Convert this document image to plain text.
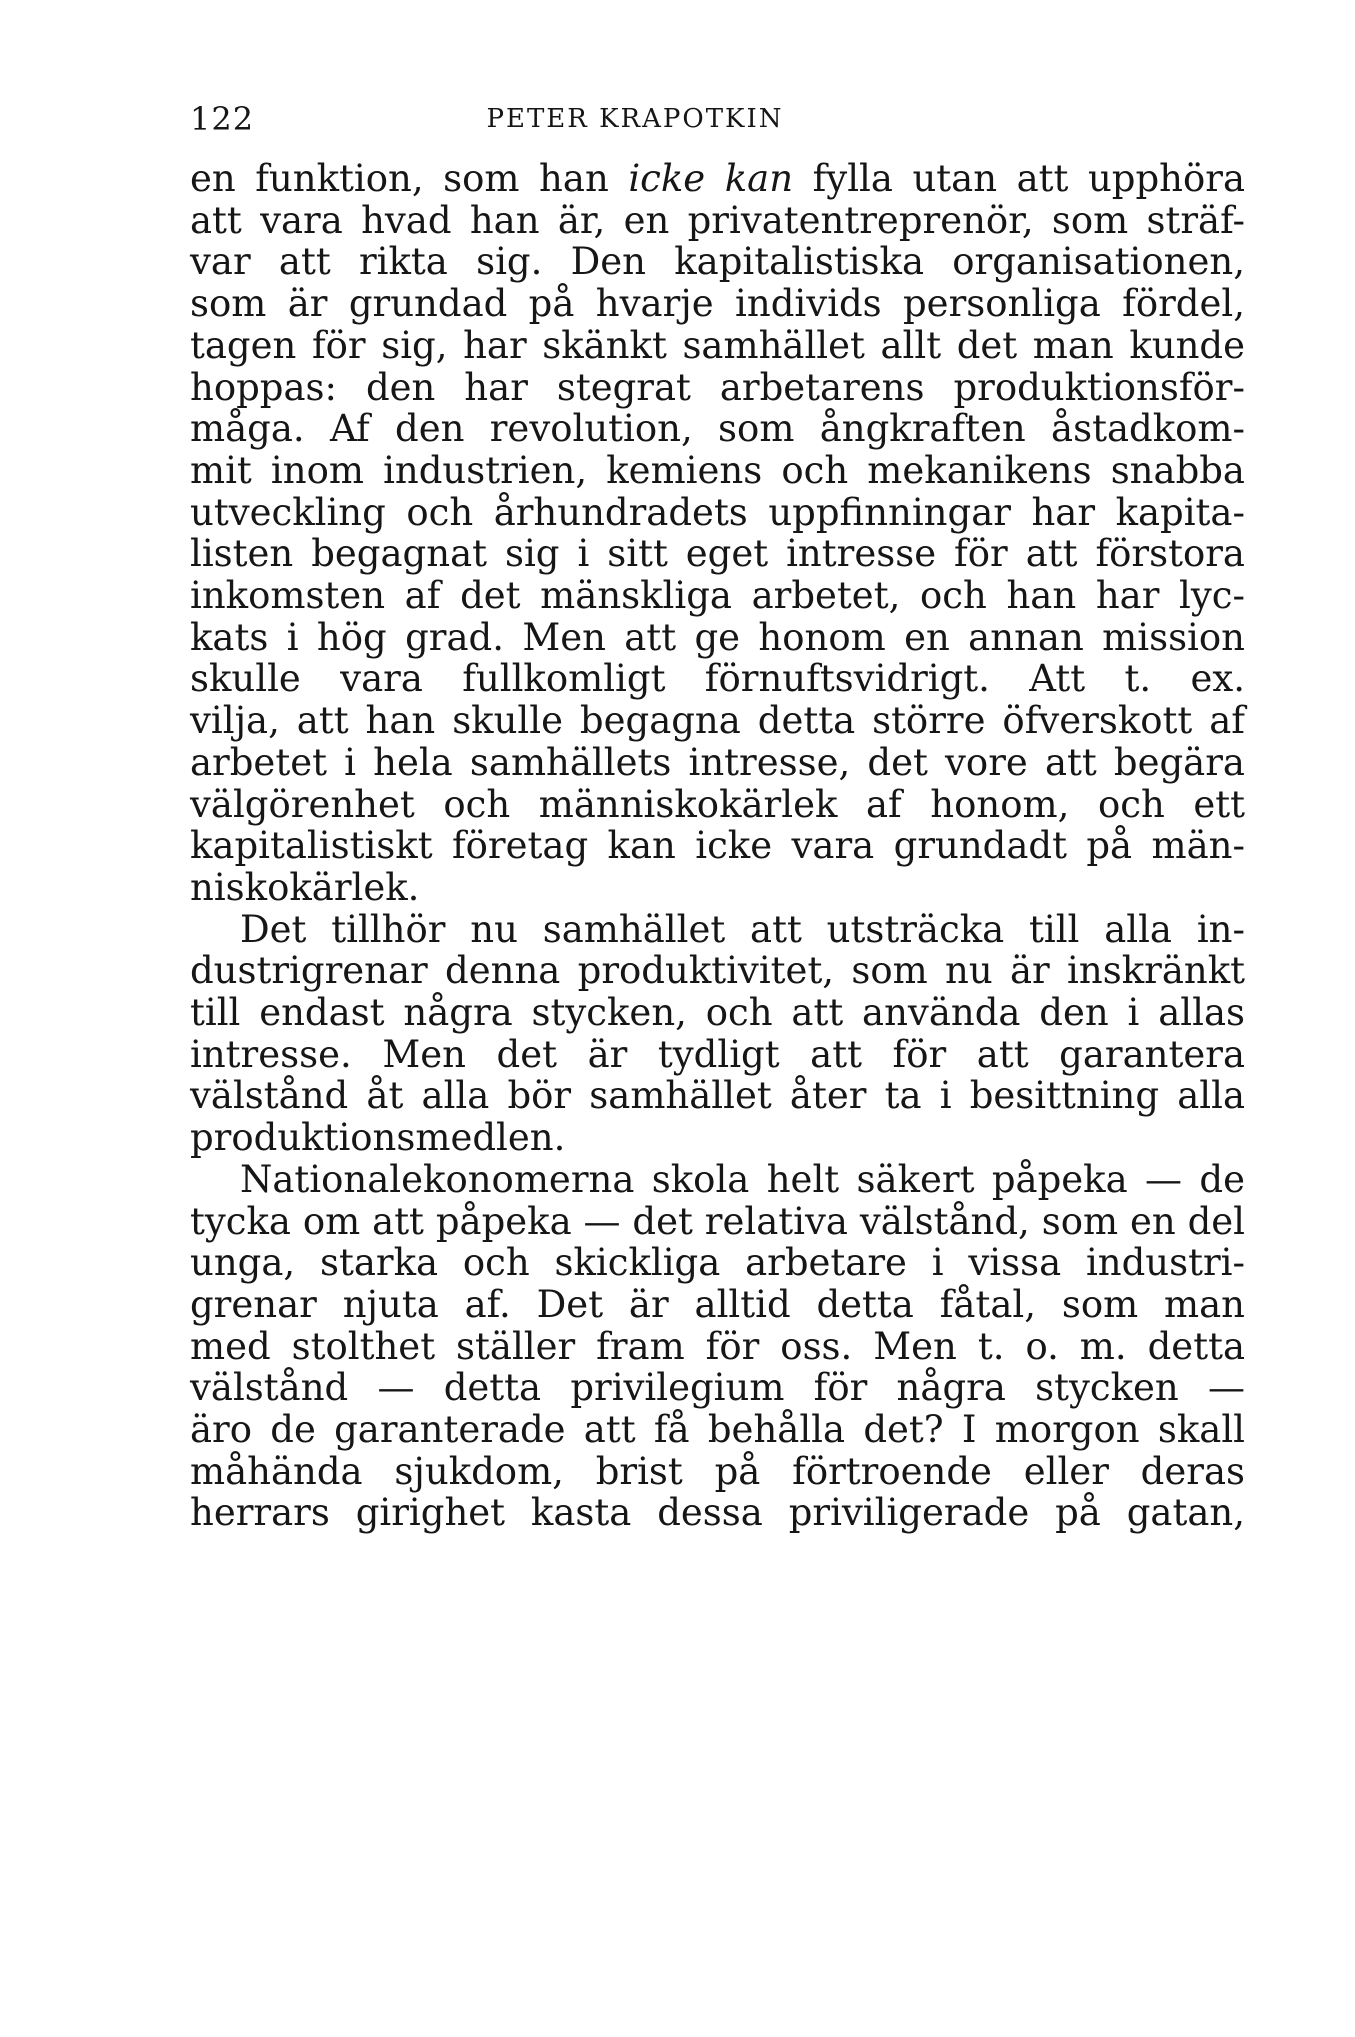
122	PETER KRAPOTKIN
en funktion, som han icke kan fylla utan att upphöra
att vara hvad han är, en privatentreprenör, som sträf-
var att rikta sig. Den kapitalistiska organisationen,
som är grundad på hvarje individs personliga fördel,
tagen för sig, har skänkt samhället allt det man kunde
hoppas: den har stegrat arbetarens produktionsför-
måga. Af den revolution, som ångkraften åstadkom-
mit inom industrien, kemiens och mekanikens snabba
utveckling och århundradets uppfinningar har kapita-
listen begagnat sig i sitt eget intresse för att förstora
inkomsten af det mänskliga arbetet, och han har lyc-
kats i hög grad. Men att ge honom en annan mission
skulle vara fullkomligt förnuftsvidrigt. Att t. ex.
vilja, att han skulle begagna detta större öfverskott af
arbetet i hela samhällets intresse, det vore att begära
välgörenhet och människokärlek af honom, och ett
kapitalistiskt företag kan icke vara grundadt på män-
niskokärlek.
Det tillhör nu samhället att utsträcka till alla in-
dustrigrenar denna produktivitet, som nu är inskränkt
till endast några stycken, och att använda den i allas
intresse. Men det är tydligt att för att garantera
välstånd åt alla bör samhället åter ta i besittning alla
produktionsmedlen.
Nationalekonomerna skola helt säkert påpeka — de
tycka om att påpeka — det relativa välstånd, som en del
unga, starka och skickliga arbetare i vissa industri-
grenar njuta af. Det är alltid detta fåtal, som man
med stolthet ställer fram för oss. Men t. o. m. detta
välstånd — detta privilegium för några stycken —
äro de garanterade att få behålla det? I morgon skall
måhända sjukdom, brist på förtroende eller deras
herrars girighet kasta dessa priviligerade på gatan,
